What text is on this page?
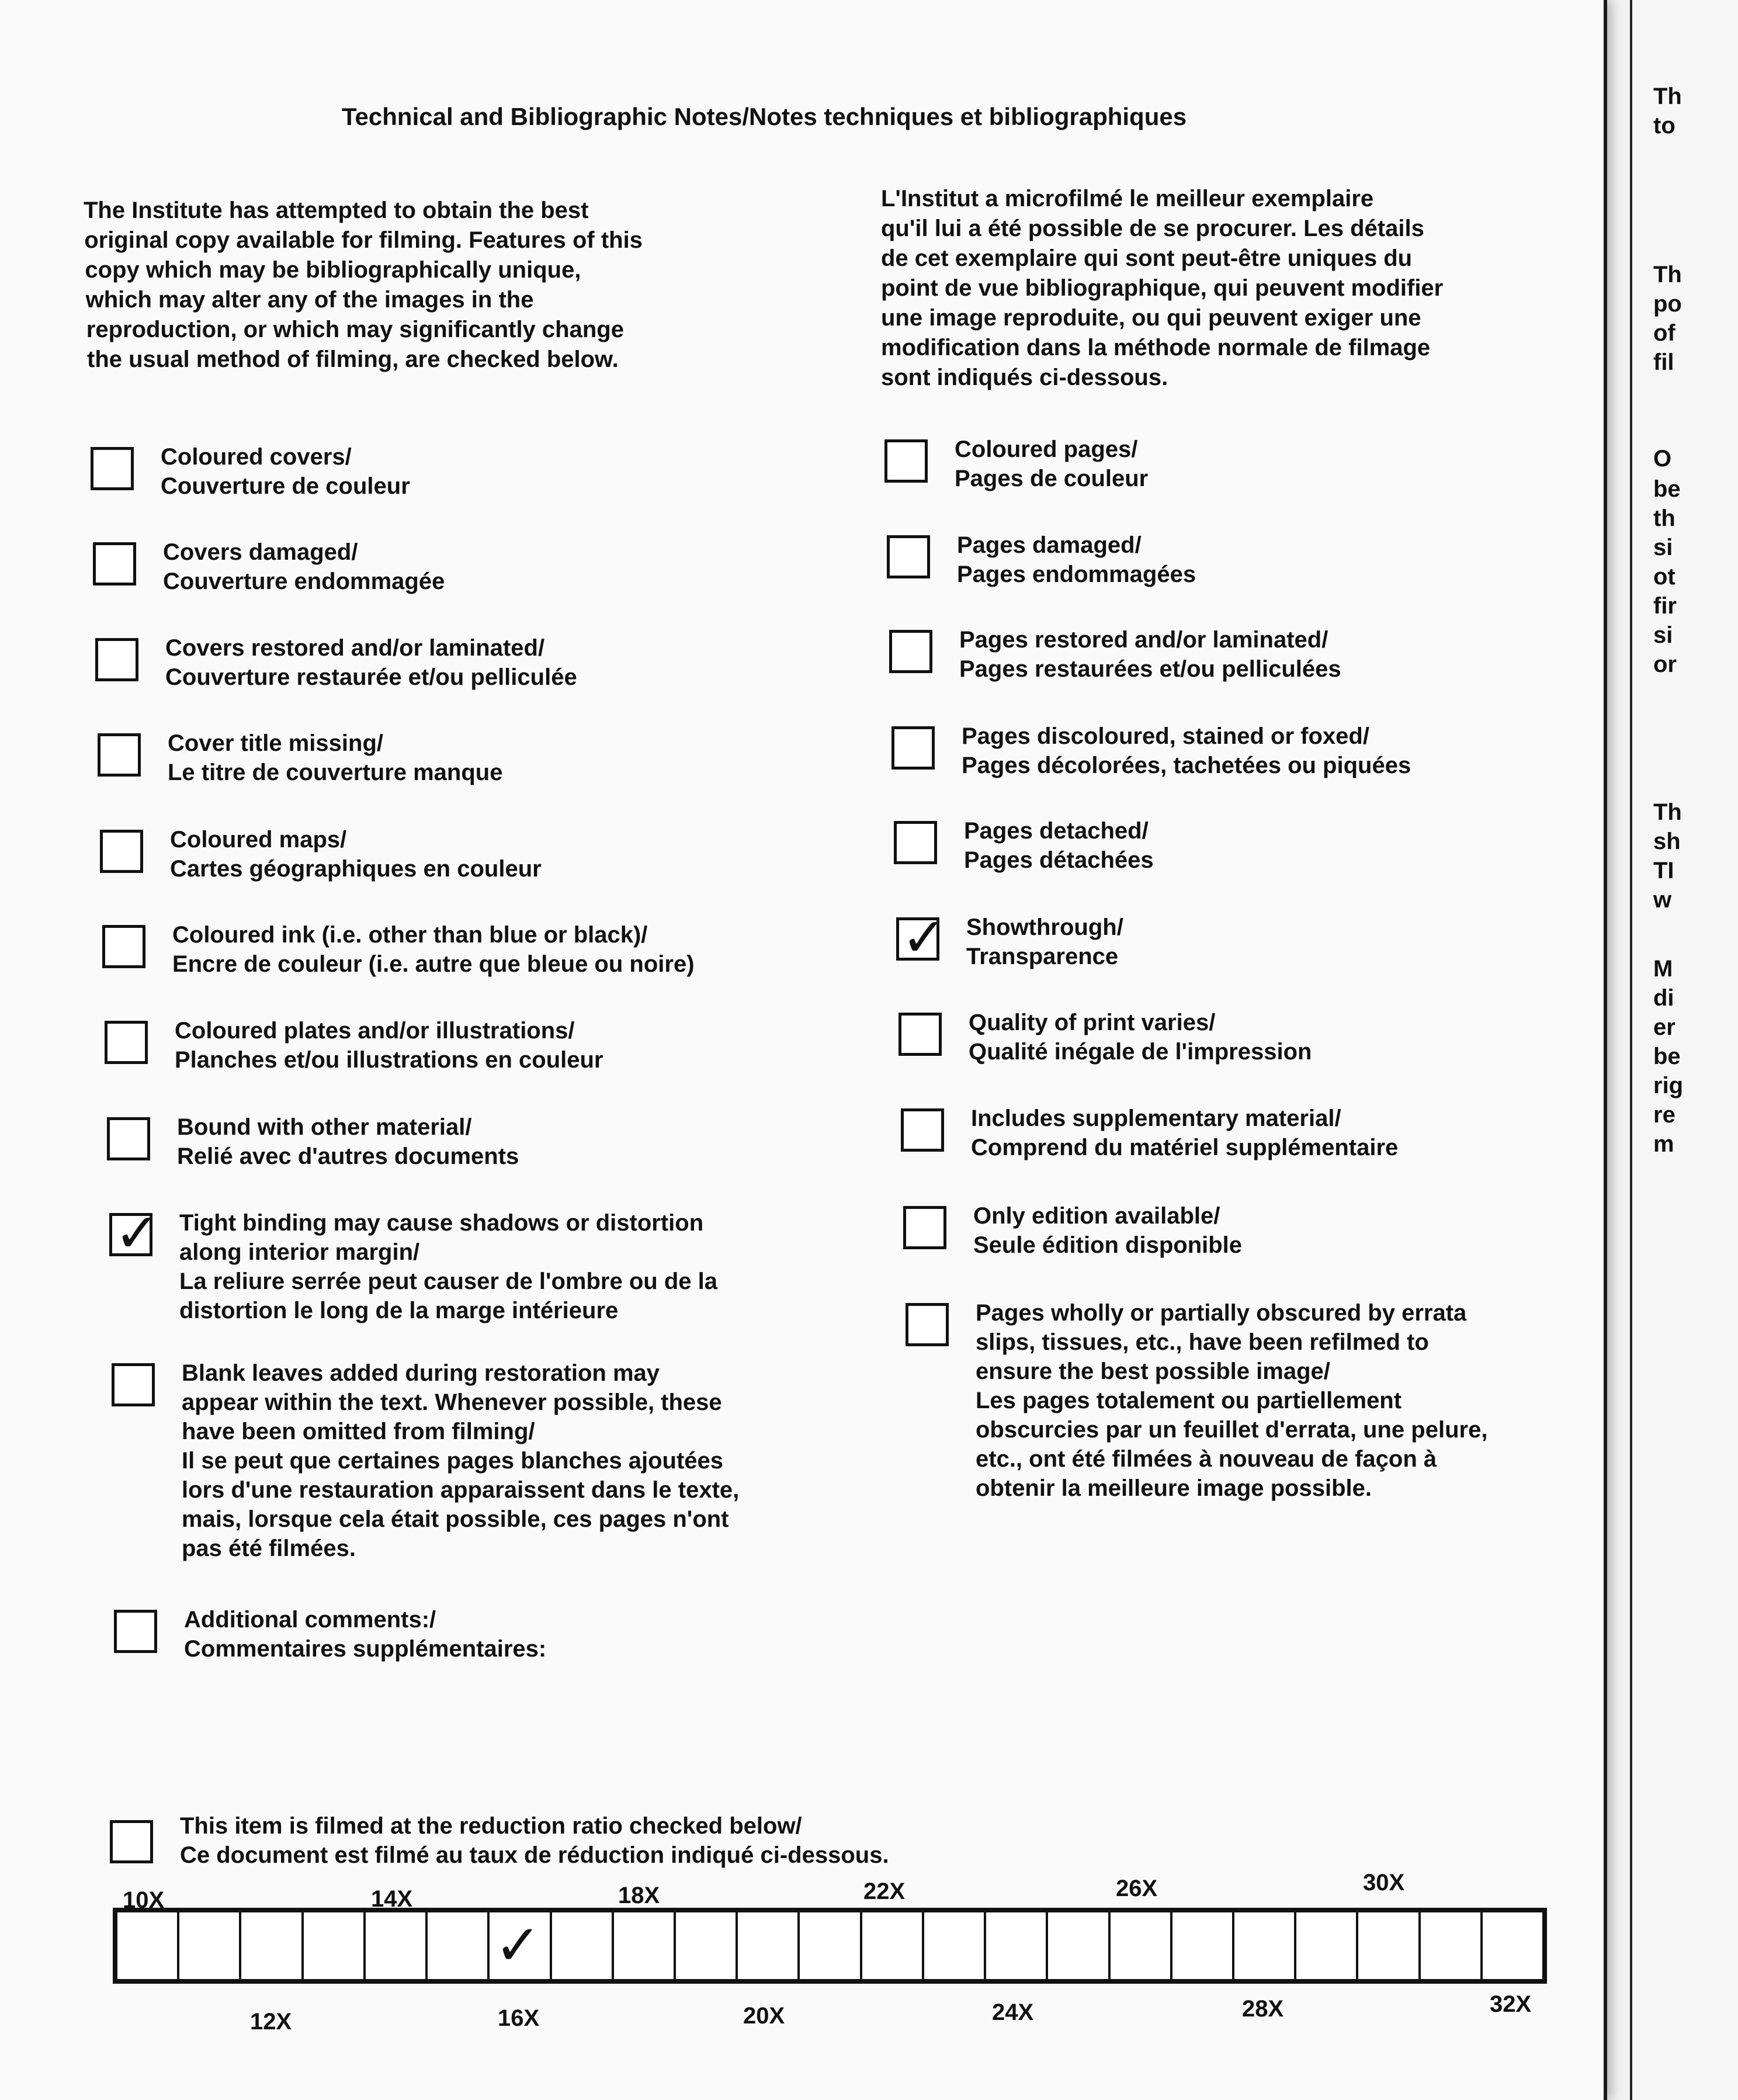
Technical and Bibliographic Notes/Notes techniques et bibliographiques
The Institute has attempted to obtain the best
original copy available for filming. Features of this
copy which may be bibliographically unique,
which may alter any of the images in the
reproduction, or which may significantly change
the usual method of filming, are checked below.
L'Institut a microfilmé le meilleur exemplaire
qu'il lui a été possible de se procurer. Les détails
de cet exemplaire qui sont peut-être uniques du
point de vue bibliographique, qui peuvent modifier
une image reproduite, ou qui peuvent exiger une
modification dans la méthode normale de filmage
sont indiqués ci-dessous.
Coloured covers/
Couverture de couleur
Covers damaged/
Couverture endommagée
Covers restored and/or laminated/
Couverture restaurée et/ou pelliculée
Cover title missing/
Le titre de couverture manque
Coloured maps/
Cartes géographiques en couleur
Coloured ink (i.e. other than blue or black)/
Encre de couleur (i.e. autre que bleue ou noire)
Coloured plates and/or illustrations/
Planches et/ou illustrations en couleur
Bound with other material/
Relié avec d'autres documents
✓ Tight binding may cause shadows or distortion
along interior margin/
La reliure serrée peut causer de l'ombre ou de la
distortion le long de la marge intérieure
Blank leaves added during restoration may
appear within the text. Whenever possible, these
have been omitted from filming/
Il se peut que certaines pages blanches ajoutées
lors d'une restauration apparaissent dans le texte,
mais, lorsque cela était possible, ces pages n'ont
pas été filmées.
Additional comments:/
Commentaires supplémentaires:
Coloured pages/
Pages de couleur
Pages damaged/
Pages endommagées
Pages restored and/or laminated/
Pages restaurées et/ou pelliculées
Pages discoloured, stained or foxed/
Pages décolorées, tachetées ou piquées
Pages detached/
Pages détachées
✓ Showthrough/
Transparence
Quality of print varies/
Qualité inégale de l'impression
Includes supplementary material/
Comprend du matériel supplémentaire
Only edition available/
Seule édition disponible
Pages wholly or partially obscured by errata
slips, tissues, etc., have been refilmed to
ensure the best possible image/
Les pages totalement ou partiellement
obscurcies par un feuillet d'errata, une pelure,
etc., ont été filmées à nouveau de façon à
obtenir la meilleure image possible.
This item is filmed at the reduction ratio checked below/
Ce document est filmé au taux de réduction indiqué ci-dessous.
✓
10X	14X	18X	22X	26X	30X
12X	16X	20X	24X	28X	32X
Th
to
Th
po
of
fil
O
be
th
si
ot
fir
si
or
Th
sh
TI
w
M
di
er
be
rig
re
m
